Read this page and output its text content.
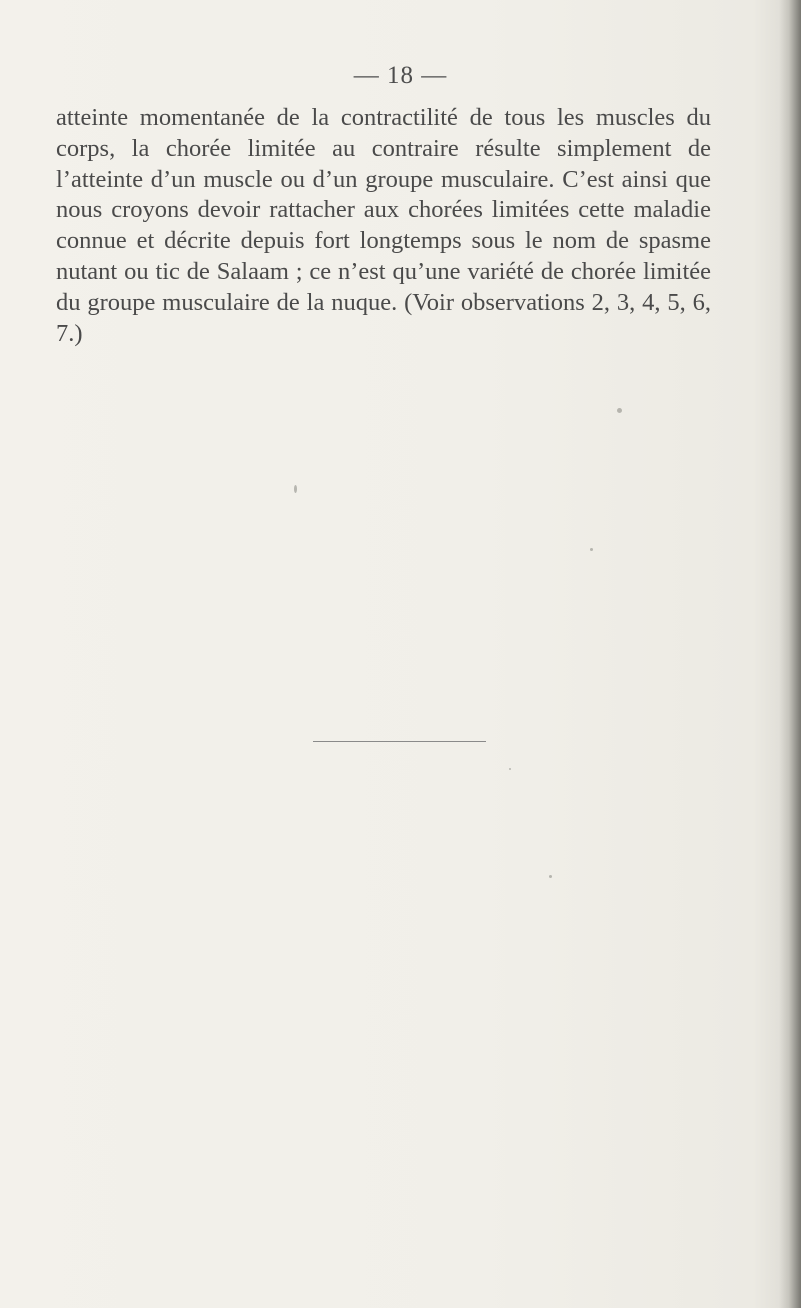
— 18 —

atteinte momentanée de la contractilité de tous les muscles du corps, la chorée limitée au contraire résulte simplement de l’atteinte d’un muscle ou d’un groupe musculaire. C’est ainsi que nous croyons devoir rattacher aux chorées limitées cette maladie connue et décrite depuis fort longtemps sous le nom de spasme nutant ou tic de Salaam ; ce n’est qu’une variété de chorée limitée du groupe musculaire de la nuque. (Voir observations 2, 3, 4, 5, 6, 7.)
